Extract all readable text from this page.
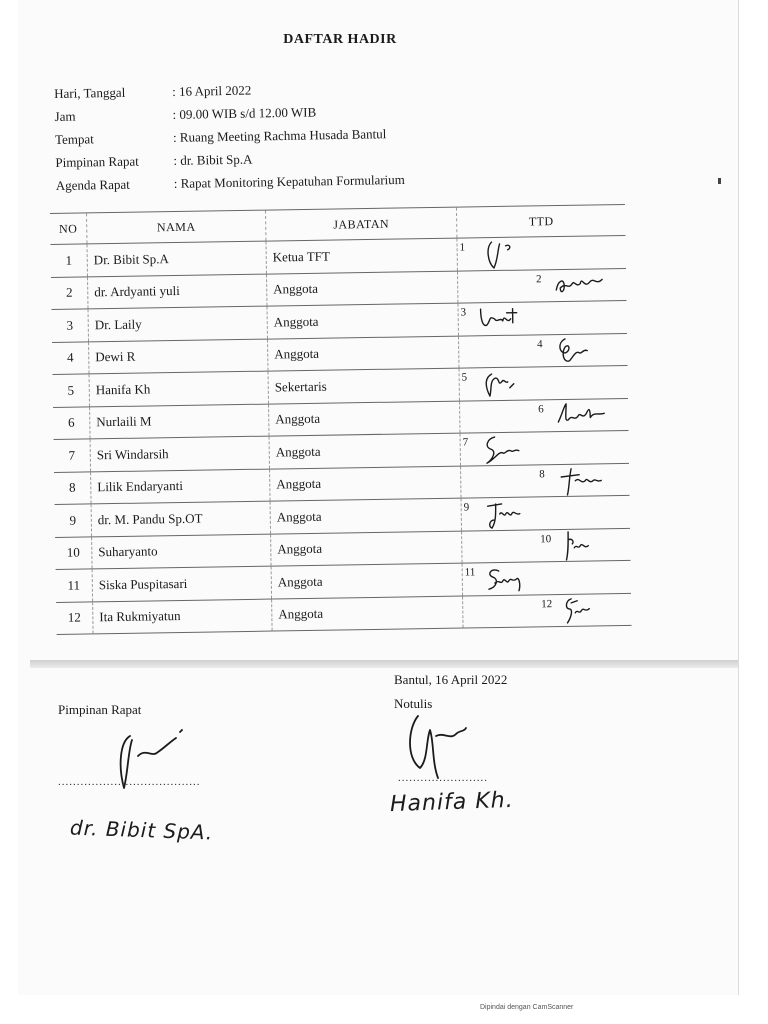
DAFTAR HADIR
Hari, Tanggal	: 16 April 2022
Jam	: 09.00 WIB s/d 12.00 WIB
Tempat	: Ruang Meeting Rachma Husada Bantul
Pimpinan Rapat	: dr. Bibit Sp.A
Agenda Rapat	: Rapat Monitoring Kepatuhan Formularium
NO	NAMA	JABATAN	TTD
1	Dr. Bibit Sp.A	Ketua TFT	1

2	dr. Ardyanti yuli	Anggota	2

3	Dr. Laily	Anggota	3

4	Dewi R	Anggota	4

5	Hanifa Kh	Sekertaris	5

6	Nurlaili M	Anggota	6

7	Sri Windarsih	Anggota	7

8	Lilik Endaryanti	Anggota	8

9	dr. M. Pandu Sp.OT	Anggota	9

10	Suharyanto	Anggota	10

11	Siska Puspitasari	Anggota	11

12	Ita Rukmiyatun	Anggota	12
Bantul, 16 April 2022
Pimpinan Rapat	Notulis
......................................
dr. Bibit SpA.
........................
Hanifa Kh.
Dipindai dengan CamScanner
